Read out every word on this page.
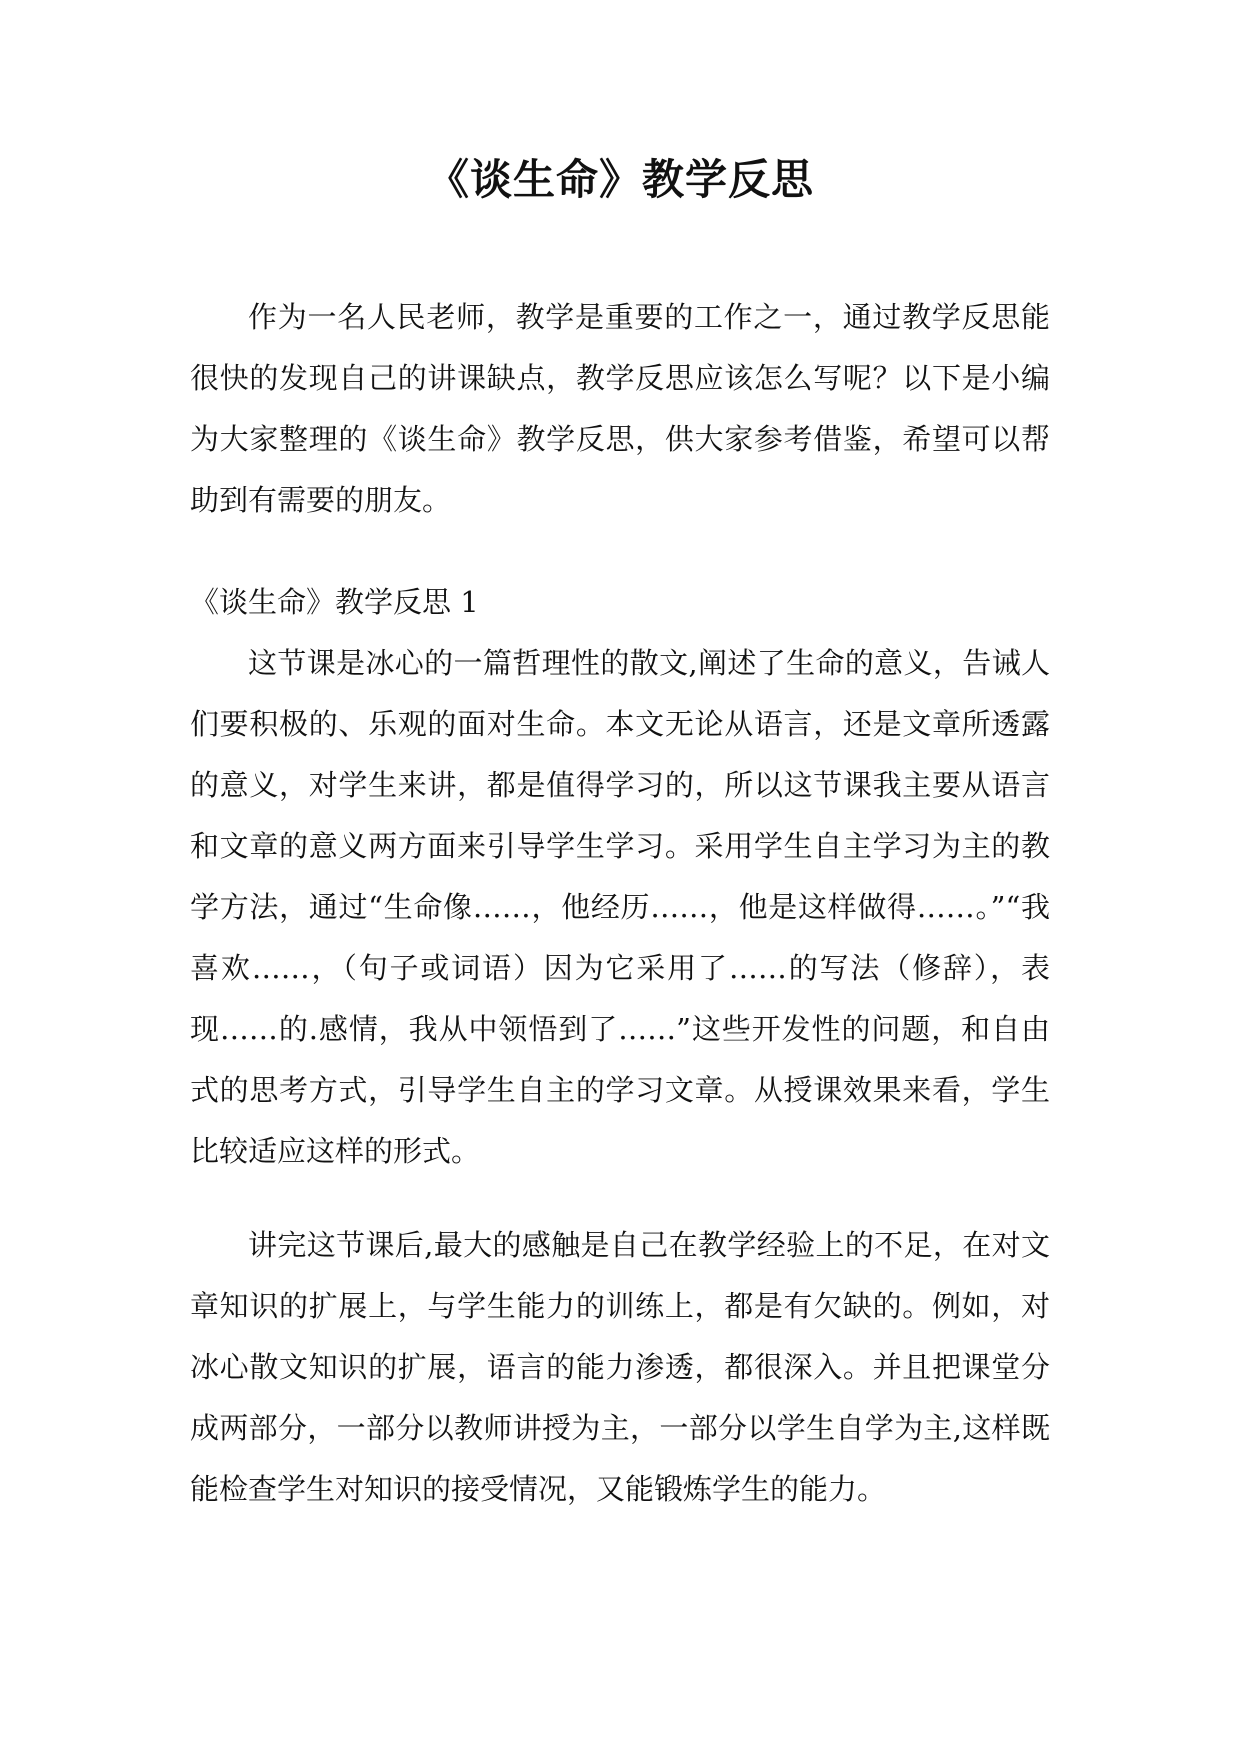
《谈生命》教学反思

作为一名人民老师，教学是重要的工作之一，通过教学反思能很快的发现自己的讲课缺点，教学反思应该怎么写呢？以下是小编为大家整理的《谈生命》教学反思，供大家参考借鉴，希望可以帮助到有需要的朋友。

《谈生命》教学反思 1

这节课是冰心的一篇哲理性的散文,阐述了生命的意义，告诫人们要积极的、乐观的面对生命。本文无论从语言，还是文章所透露的意义，对学生来讲，都是值得学习的，所以这节课我主要从语言和文章的意义两方面来引导学生学习。采用学生自主学习为主的教学方法，通过“生命像……，他经历……，他是这样做得……。”“我喜欢……，（句子或词语）因为它采用了……的写法（修辞），表现……的.感情，我从中领悟到了……”这些开发性的问题，和自由式的思考方式，引导学生自主的学习文章。从授课效果来看，学生比较适应这样的形式。

讲完这节课后,最大的感触是自己在教学经验上的不足，在对文章知识的扩展上，与学生能力的训练上，都是有欠缺的。例如，对冰心散文知识的扩展，语言的能力渗透，都很深入。并且把课堂分成两部分，一部分以教师讲授为主，一部分以学生自学为主,这样既能检查学生对知识的接受情况，又能锻炼学生的能力。
